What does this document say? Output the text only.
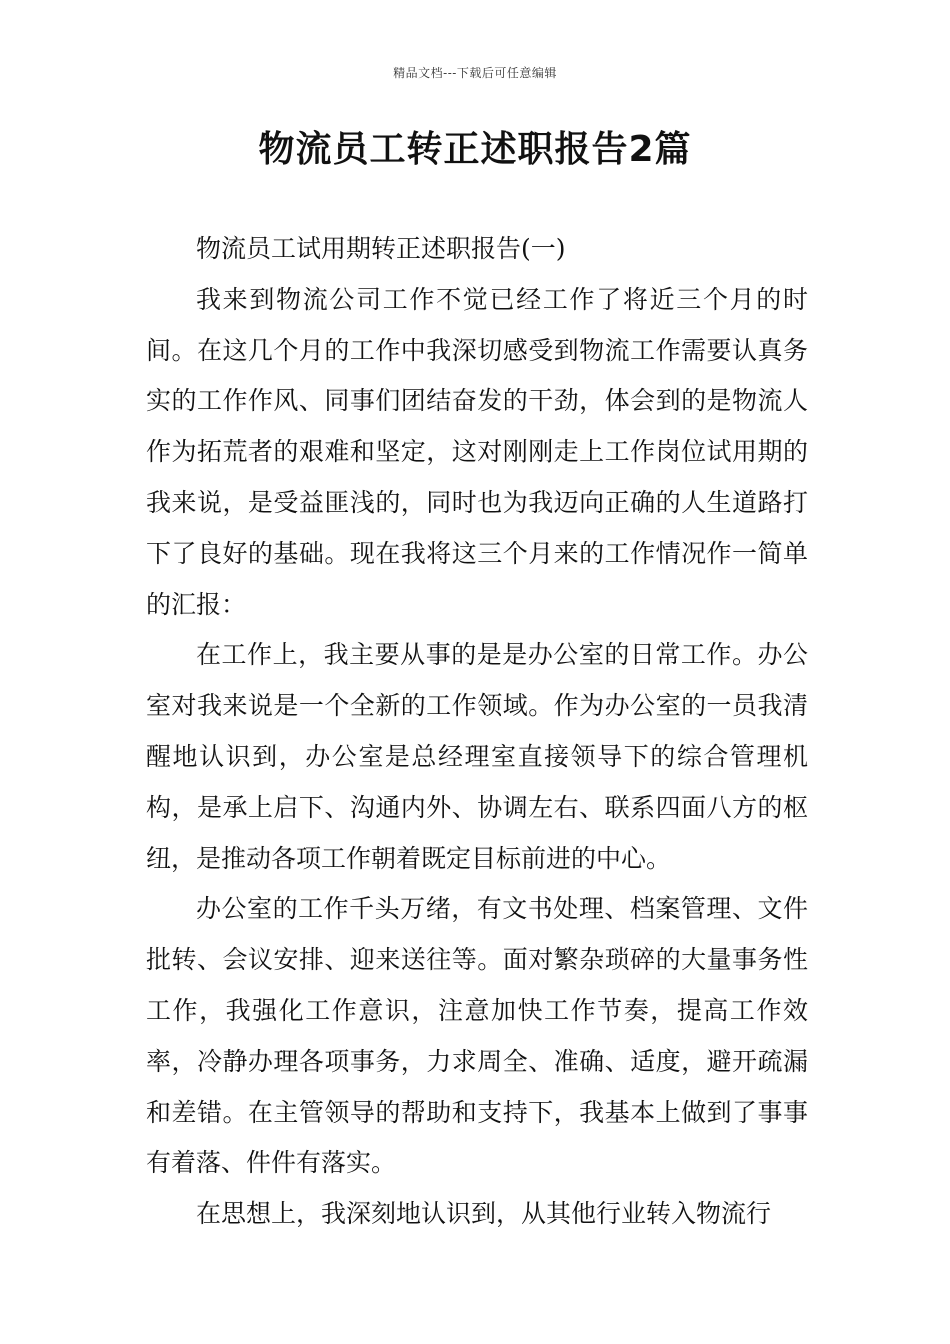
精品文档---下载后可任意编辑
物流员工转正述职报告2篇

物流员工试用期转正述职报告(一)

我来到物流公司工作不觉已经工作了将近三个月的时间。在这几个月的工作中我深切感受到物流工作需要认真务实的工作作风、同事们团结奋发的干劲，体会到的是物流人作为拓荒者的艰难和坚定，这对刚刚走上工作岗位试用期的我来说，是受益匪浅的，同时也为我迈向正确的人生道路打下了良好的基础。现在我将这三个月来的工作情况作一简单的汇报：

在工作上，我主要从事的是是办公室的日常工作。办公室对我来说是一个全新的工作领域。作为办公室的一员我清醒地认识到，办公室是总经理室直接领导下的综合管理机构，是承上启下、沟通内外、协调左右、联系四面八方的枢纽，是推动各项工作朝着既定目标前进的中心。

办公室的工作千头万绪，有文书处理、档案管理、文件批转、会议安排、迎来送往等。面对繁杂琐碎的大量事务性工作，我强化工作意识，注意加快工作节奏，提高工作效率，冷静办理各项事务，力求周全、准确、适度，避开疏漏和差错。在主管领导的帮助和支持下，我基本上做到了事事有着落、件件有落实。

在思想上，我深刻地认识到，从其他行业转入物流行
